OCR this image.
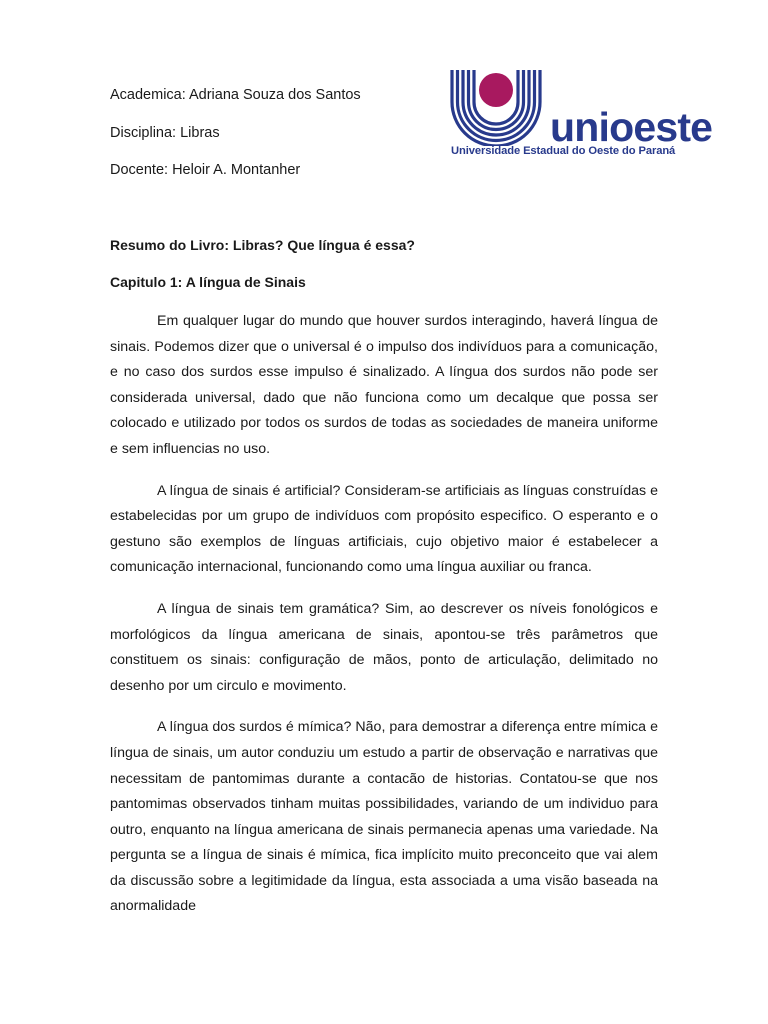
Academica: Adriana Souza dos Santos
Disciplina: Libras
Docente: Heloir A. Montanher
unioeste
Universidade Estadual do Oeste do Paraná
Resumo do Livro: Libras? Que língua é essa?
Capitulo 1: A língua de Sinais

Em qualquer lugar do mundo que houver surdos interagindo, haverá língua de sinais. Podemos dizer que o universal é o impulso dos indivíduos para a comunicação, e no caso dos surdos esse impulso é sinalizado. A língua dos surdos não pode ser considerada universal, dado que não funciona como um decalque que possa ser colocado e utilizado por todos os surdos de todas as sociedades de maneira uniforme e sem influencias no uso.

A língua de sinais é artificial? Consideram-se artificiais as línguas construídas e estabelecidas por um grupo de indivíduos com propósito especifico. O esperanto e o gestuno são exemplos de línguas artificiais, cujo objetivo maior é estabelecer a comunicação internacional, funcionando como uma língua auxiliar ou franca.

A língua de sinais tem gramática? Sim, ao descrever os níveis fonológicos e morfológicos da língua americana de sinais, apontou-se três parâmetros que constituem os sinais: configuração de mãos, ponto de articulação, delimitado no desenho por um circulo e movimento.

A língua dos surdos é mímica? Não, para demostrar a diferença entre mímica e língua de sinais, um autor conduziu um estudo a partir de observação e narrativas que necessitam de pantomimas durante a contacão de historias. Contatou-se que nos pantomimas observados tinham muitas possibilidades, variando de um individuo para outro, enquanto na língua americana de sinais permanecia apenas uma variedade. Na pergunta se a língua de sinais é mímica, fica implícito muito preconceito que vai alem da discussão sobre a legitimidade da língua, esta associada a uma visão baseada na anormalidade
